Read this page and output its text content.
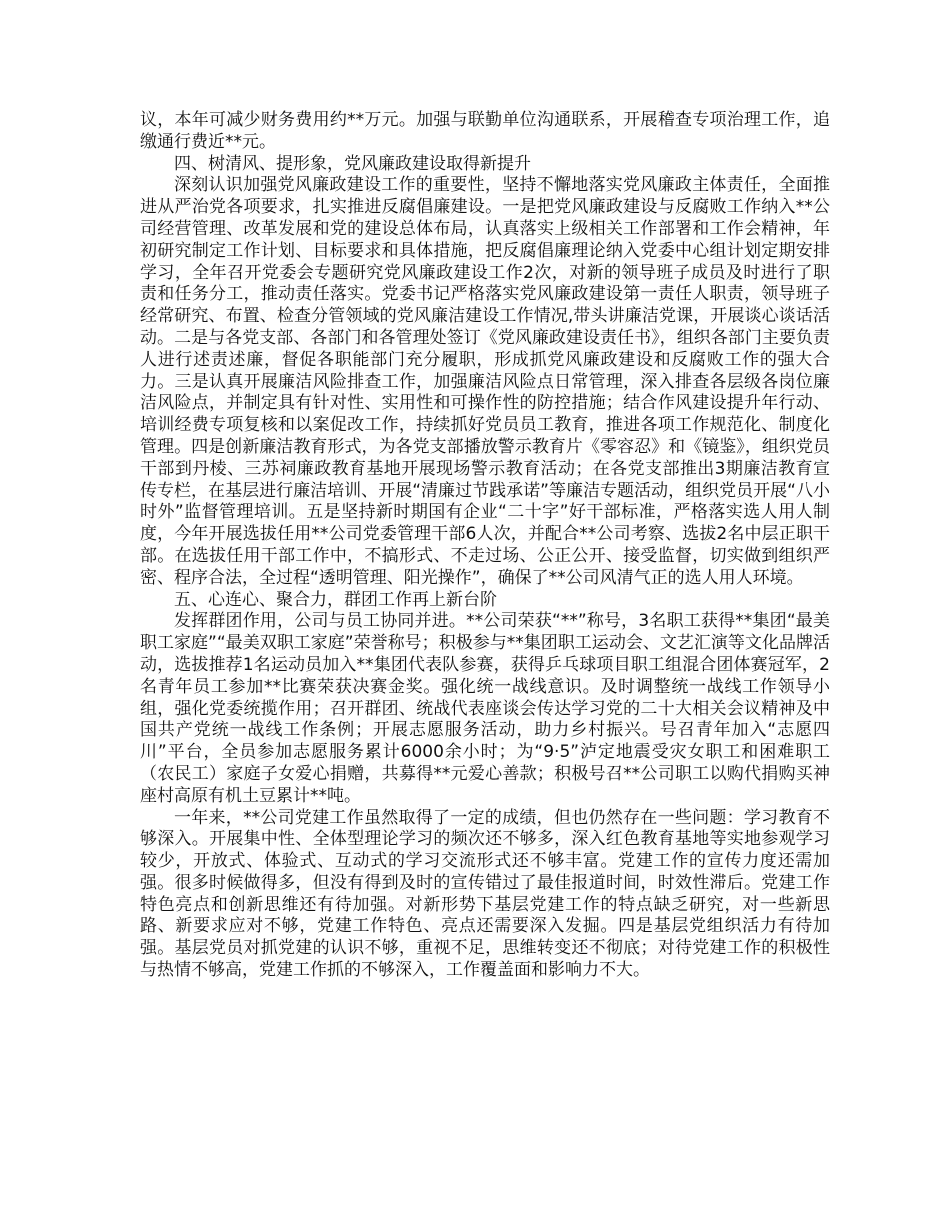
议，本年可减少财务费用约**万元。加强与联勤单位沟通联系，开展稽查专项治理工作，追缴通行费近**元。

四、树清风、提形象，党风廉政建设取得新提升

深刻认识加强党风廉政建设工作的重要性，坚持不懈地落实党风廉政主体责任，全面推进从严治党各项要求，扎实推进反腐倡廉建设。一是把党风廉政建设与反腐败工作纳入**公司经营管理、改革发展和党的建设总体布局，认真落实上级相关工作部署和工作会精神，年初研究制定工作计划、目标要求和具体措施，把反腐倡廉理论纳入党委中心组计划定期安排学习，全年召开党委会专题研究党风廉政建设工作2次，对新的领导班子成员及时进行了职责和任务分工，推动责任落实。党委书记严格落实党风廉政建设第一责任人职责，领导班子经常研究、布置、检查分管领域的党风廉洁建设工作情况,带头讲廉洁党课，开展谈心谈话活动。二是与各党支部、各部门和各管理处签订《党风廉政建设责任书》，组织各部门主要负责人进行述责述廉，督促各职能部门充分履职，形成抓党风廉政建设和反腐败工作的强大合力。三是认真开展廉洁风险排查工作，加强廉洁风险点日常管理，深入排查各层级各岗位廉洁风险点，并制定具有针对性、实用性和可操作性的防控措施；结合作风建设提升年行动、培训经费专项复核和以案促改工作，持续抓好党员员工教育，推进各项工作规范化、制度化管理。四是创新廉洁教育形式，为各党支部播放警示教育片《零容忍》和《镜鉴》，组织党员干部到丹棱、三苏祠廉政教育基地开展现场警示教育活动；在各党支部推出3期廉洁教育宣传专栏，在基层进行廉洁培训、开展“清廉过节践承诺”等廉洁专题活动，组织党员开展“八小时外”监督管理培训。五是坚持新时期国有企业“二十字”好干部标准，严格落实选人用人制度，今年开展选拔任用**公司党委管理干部6人次，并配合**公司考察、选拔2名中层正职干部。在选拔任用干部工作中，不搞形式、不走过场、公正公开、接受监督，切实做到组织严密、程序合法，全过程“透明管理、阳光操作”，确保了**公司风清气正的选人用人环境。

五、心连心、聚合力，群团工作再上新台阶

发挥群团作用，公司与员工协同并进。**公司荣获“**”称号，3名职工获得**集团“最美职工家庭”“最美双职工家庭”荣誉称号；积极参与**集团职工运动会、文艺汇演等文化品牌活动，选拔推荐1名运动员加入**集团代表队参赛，获得乒乓球项目职工组混合团体赛冠军，2名青年员工参加**比赛荣获决赛金奖。强化统一战线意识。及时调整统一战线工作领导小组，强化党委统揽作用；召开群团、统战代表座谈会传达学习党的二十大相关会议精神及中国共产党统一战线工作条例；开展志愿服务活动，助力乡村振兴。号召青年加入“志愿四川”平台，全员参加志愿服务累计6000余小时；为“9·5”泸定地震受灾女职工和困难职工（农民工）家庭子女爱心捐赠，共募得**元爱心善款；积极号召**公司职工以购代捐购买神座村高原有机土豆累计**吨。

一年来，**公司党建工作虽然取得了一定的成绩，但也仍然存在一些问题：学习教育不够深入。开展集中性、全体型理论学习的频次还不够多，深入红色教育基地等实地参观学习较少，开放式、体验式、互动式的学习交流形式还不够丰富。党建工作的宣传力度还需加强。很多时候做得多，但没有得到及时的宣传错过了最佳报道时间，时效性滞后。党建工作特色亮点和创新思维还有待加强。对新形势下基层党建工作的特点缺乏研究，对一些新思路、新要求应对不够，党建工作特色、亮点还需要深入发掘。四是基层党组织活力有待加强。基层党员对抓党建的认识不够，重视不足，思维转变还不彻底；对待党建工作的积极性与热情不够高，党建工作抓的不够深入，工作覆盖面和影响力不大。
